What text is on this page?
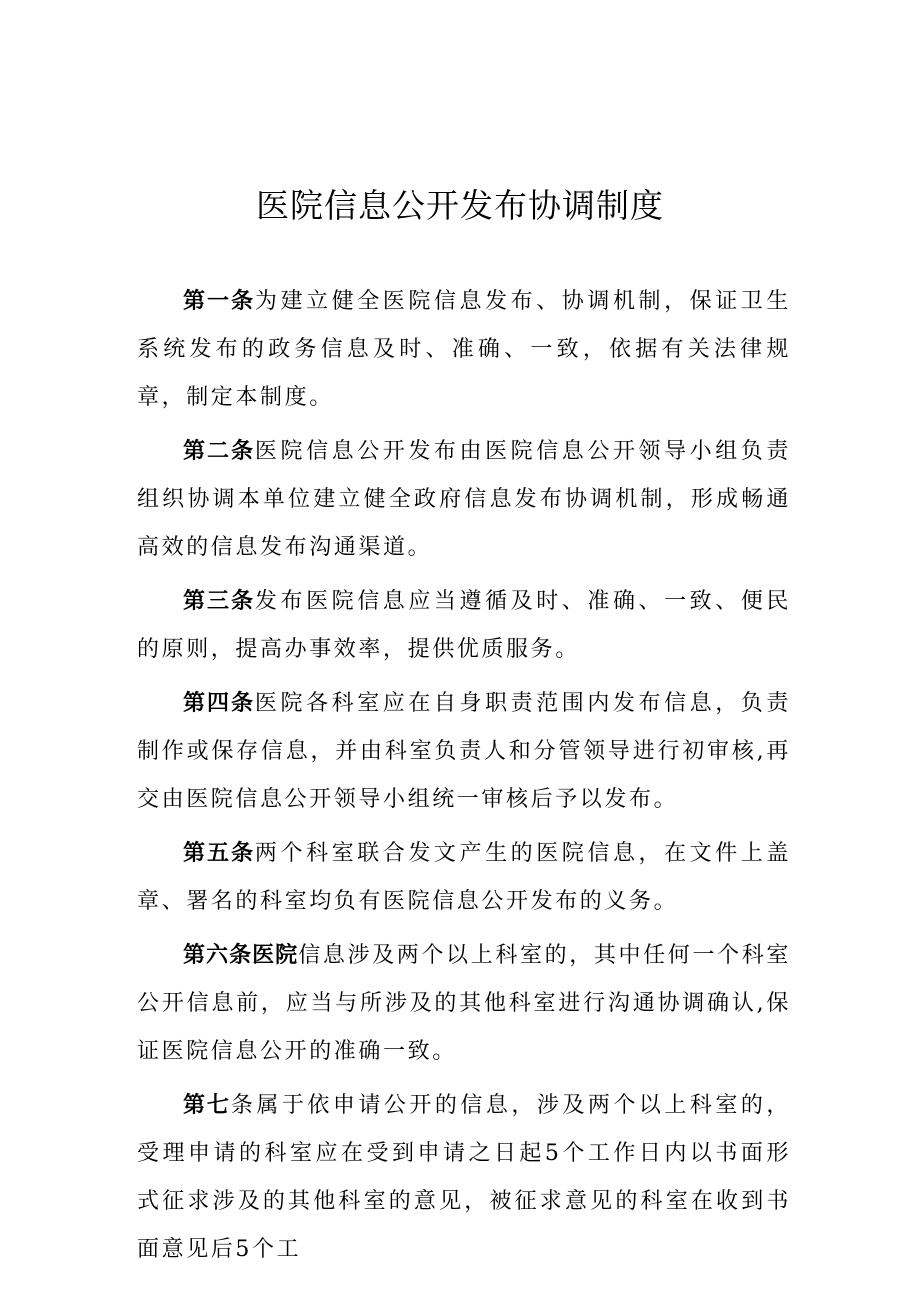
医院信息公开发布协调制度

第一条为建立健全医院信息发布、协调机制，保证卫生系统发布的政务信息及时、准确、一致，依据有关法律规章，制定本制度。

第二条医院信息公开发布由医院信息公开领导小组负责组织协调本单位建立健全政府信息发布协调机制，形成畅通高效的信息发布沟通渠道。

第三条发布医院信息应当遵循及时、准确、一致、便民的原则，提高办事效率，提供优质服务。

第四条医院各科室应在自身职责范围内发布信息，负责制作或保存信息，并由科室负责人和分管领导进行初审核,再交由医院信息公开领导小组统一审核后予以发布。

第五条两个科室联合发文产生的医院信息，在文件上盖章、署名的科室均负有医院信息公开发布的义务。

第六条医院信息涉及两个以上科室的，其中任何一个科室公开信息前，应当与所涉及的其他科室进行沟通协调确认,保证医院信息公开的准确一致。

第七条属于依申请公开的信息，涉及两个以上科室的，受理申请的科室应在受到申请之日起5个工作日内以书面形式征求涉及的其他科室的意见，被征求意见的科室在收到书面意见后5个工
